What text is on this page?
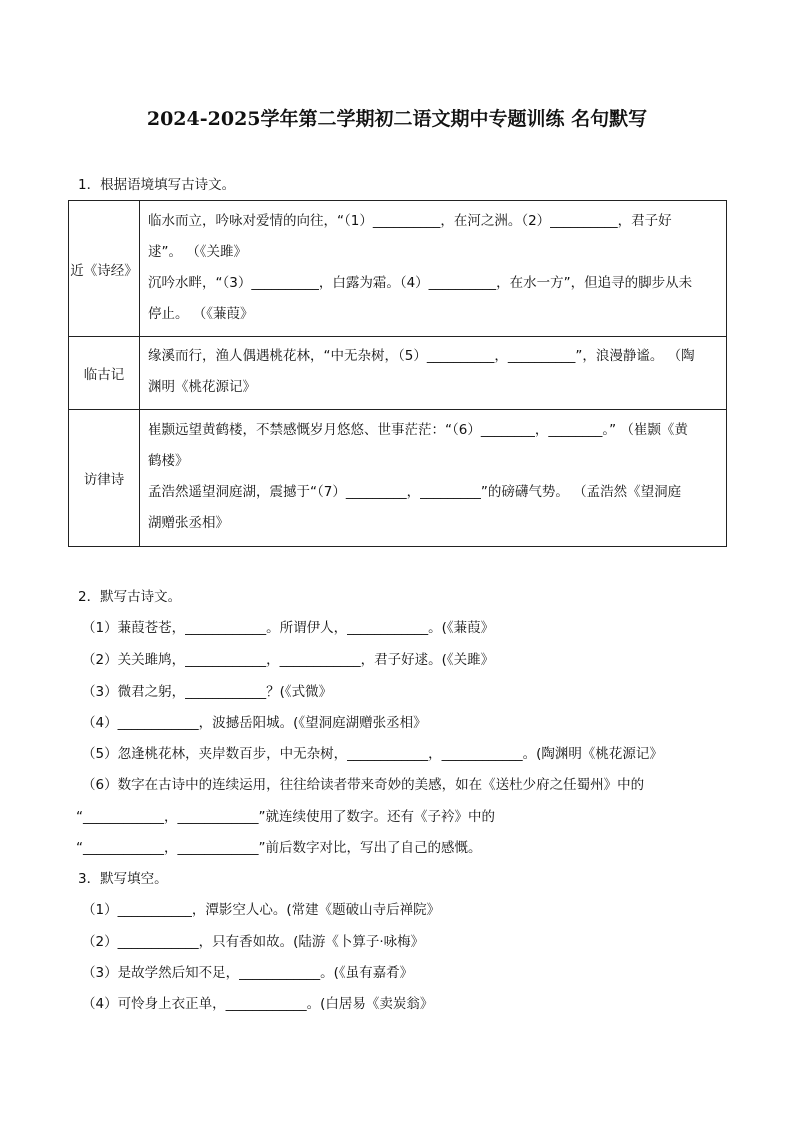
2024-2025学年第二学期初二语文期中专题训练 名句默写
1．根据语境填写古诗文。
近《诗经》	临水而立，吟咏对爱情的向往，“（1）__________，在河之洲。（2）__________，君子好
逑”。 （《关雎》
沉吟水畔，“（3）__________，白露为霜。（4）__________，在水一方”，但追寻的脚步从未
停止。 （《蒹葭》

临古记	缘溪而行，渔人偶遇桃花林，“中无杂树，（5）__________，__________”，浪漫静谧。 （陶
渊明《桃花源记》

访律诗	崔颢远望黄鹤楼，不禁感慨岁月悠悠、世事茫茫：“（6）________，________。” （崔颢《黄
鹤楼》
孟浩然遥望洞庭湖，震撼于“（7）_________，_________”的磅礴气势。 （孟浩然《望洞庭
湖赠张丞相》
2．默写古诗文。
（1）蒹葭苍苍，____________。所谓伊人，____________。(《蒹葭》
（2）关关雎鸠，____________，____________，君子好逑。(《关雎》
（3）微君之躬，____________？(《式微》
（4）____________，波撼岳阳城。(《望洞庭湖赠张丞相》
（5）忽逢桃花林，夹岸数百步，中无杂树，____________，____________。(陶渊明《桃花源记》
（6）数字在古诗中的连续运用，往往给读者带来奇妙的美感，如在《送杜少府之任蜀州》中的
“____________，____________”就连续使用了数字。还有《子衿》中的
“____________，____________”前后数字对比，写出了自己的感慨。
3．默写填空。
（1）___________，潭影空人心。(常建《题破山寺后禅院》
（2）____________，只有香如故。(陆游《卜算子·咏梅》
（3）是故学然后知不足，____________。(《虽有嘉肴》
（4）可怜身上衣正单，____________。(白居易《卖炭翁》
